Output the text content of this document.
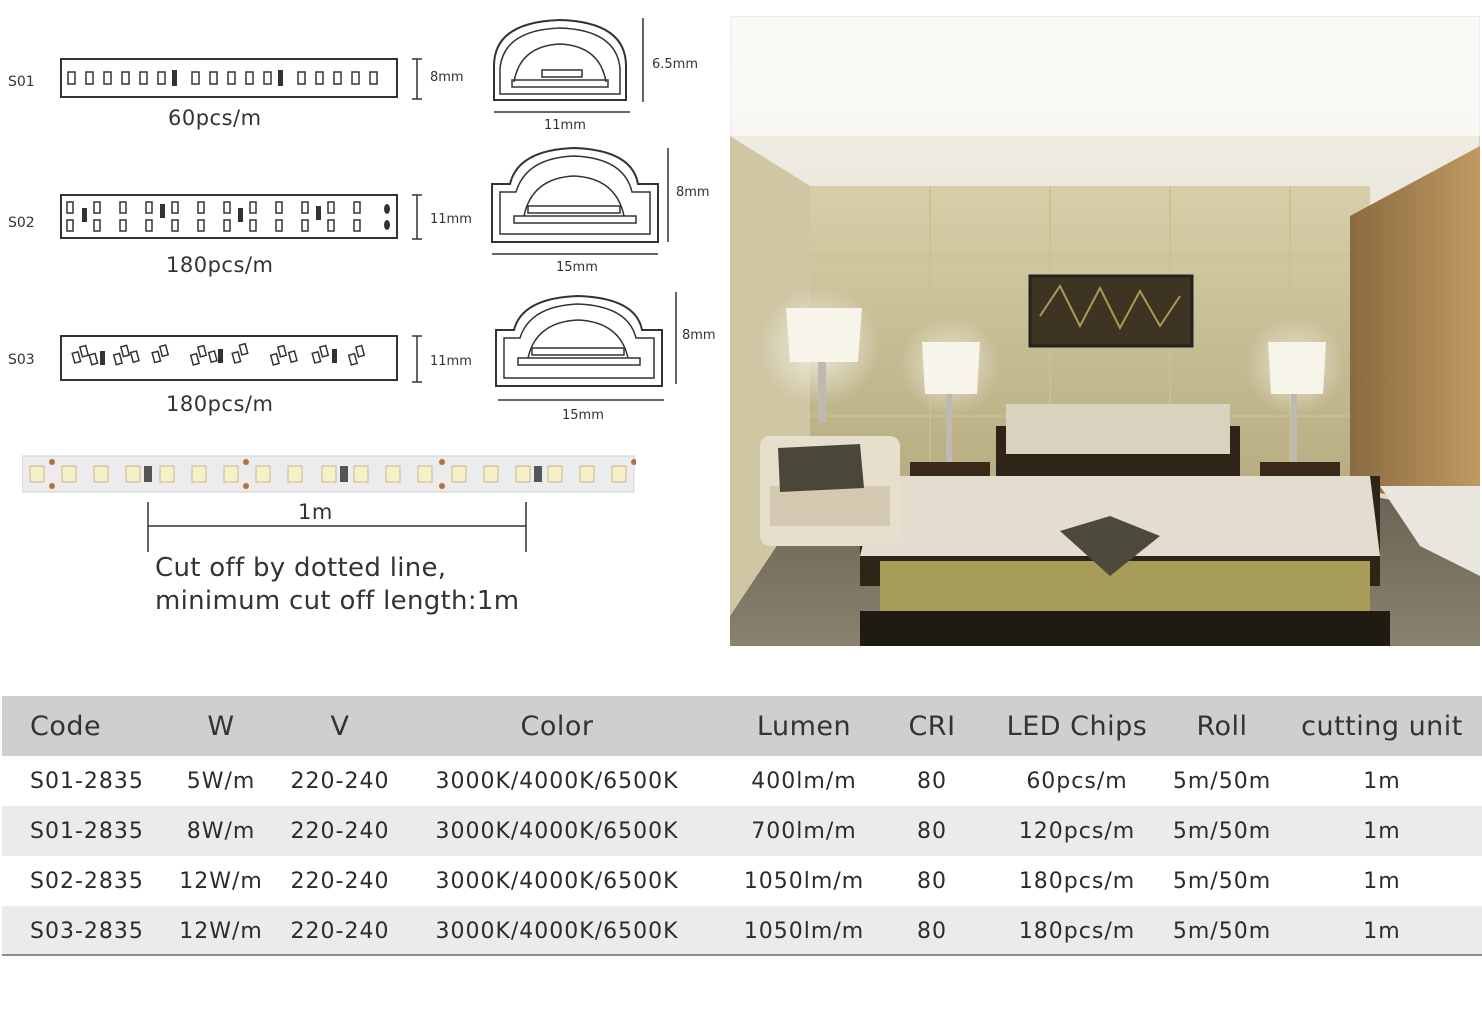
S01	8mm
60pcs/m
6.5mm
11mm
S02	11mm
180pcs/m
8mm
15mm
S03	11mm
180pcs/m
8mm
15mm
1m
Cut off by dotted line,
minimum cut off length:1m
Code	W	V	Color	Lumen	CRI	LED Chips	Roll	cutting unit
S01-2835	5W/m	220-240	3000K/4000K/6500K	400lm/m	80	60pcs/m	5m/50m	1m
S01-2835	8W/m	220-240	3000K/4000K/6500K	700lm/m	80	120pcs/m	5m/50m	1m
S02-2835	12W/m	220-240	3000K/4000K/6500K	1050lm/m	80	180pcs/m	5m/50m	1m
S03-2835	12W/m	220-240	3000K/4000K/6500K	1050lm/m	80	180pcs/m	5m/50m	1m
